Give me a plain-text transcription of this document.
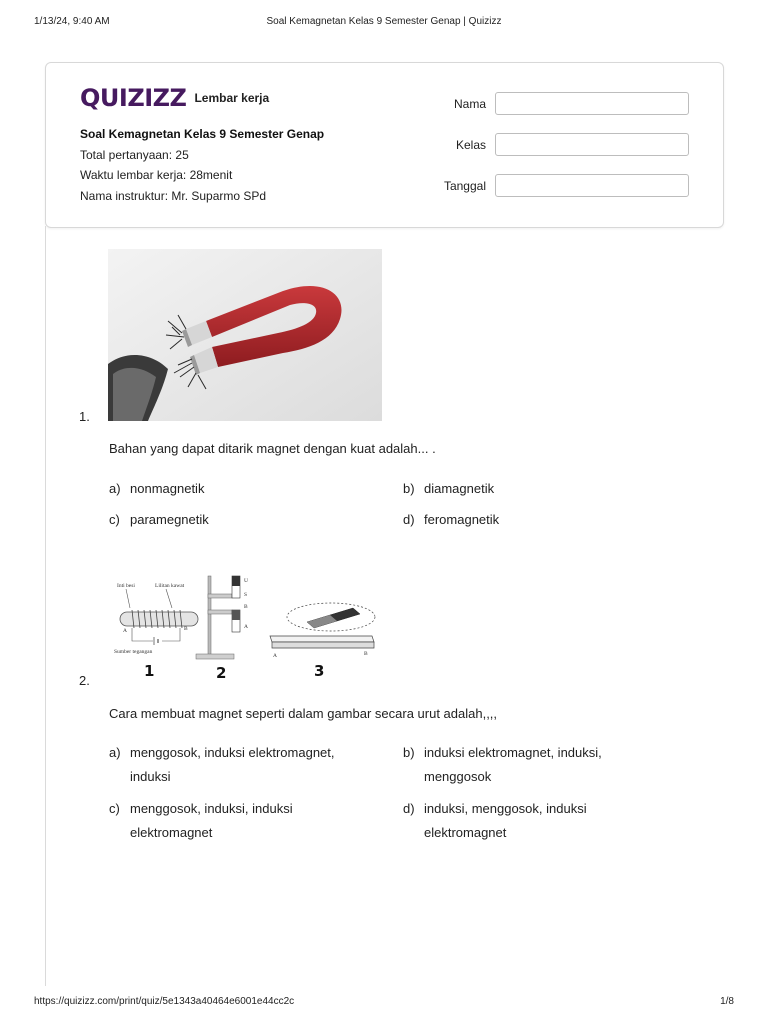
1/13/24, 9:40 AM	Soal Kemagnetan Kelas 9 Semester Genap | Quizizz
QUIZIZZ Lembar kerja
Soal Kemagnetan Kelas 9 Semester Genap
Total pertanyaan: 25
Waktu lembar kerja: 28menit
Nama instruktur: Mr. Suparmo SPd
Nama
Kelas
Tanggal
1.
Bahan yang dapat ditarik magnet dengan kuat adalah... .
a) nonmagnetik	b) diamagnetik
c) paramegnetik	d) feromagnetik
Inti besi	Lilitan kawat
A	B
Sumber tegangan
U
S
B
A
A	B
1	2	3
2.
Cara membuat magnet seperti dalam gambar secara urut adalah,,,,
a) menggosok, induksi elektromagnet,
induksi
b) induksi elektromagnet, induksi,
menggosok
c) menggosok, induksi, induksi
elektromagnet
d) induksi, menggosok, induksi
elektromagnet
https://quizizz.com/print/quiz/5e1343a40464e6001e44cc2c	1/8
